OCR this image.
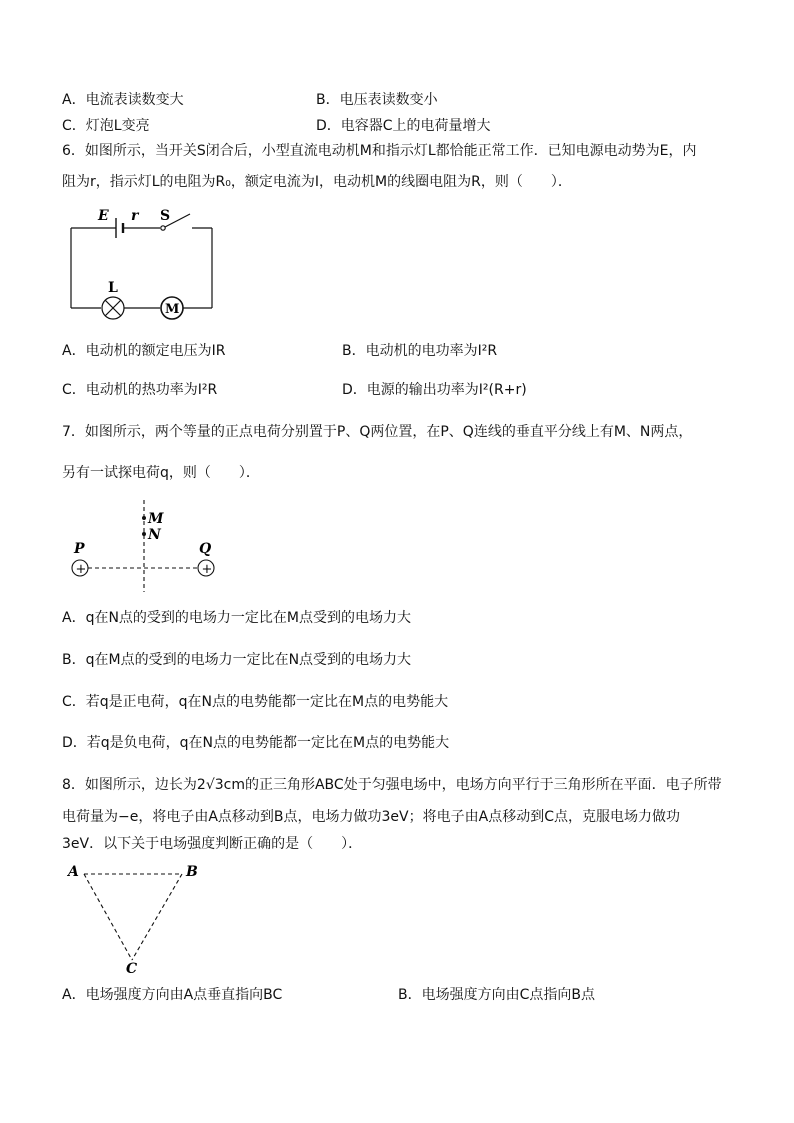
A．电流表读数变大	B．电压表读数变小
C．灯泡L变亮	D．电容器C上的电荷量增大
6．如图所示，当开关S闭合后，小型直流电动机M和指示灯L都恰能正常工作．已知电源电动势为E，内
阻为r，指示灯L的电阻为R₀，额定电流为I，电动机M的线圈电阻为R，则（　　）．
E r S
L
M
A．电动机的额定电压为IR	B．电动机的电功率为I²R
C．电动机的热功率为I²R	D．电源的输出功率为I²(R+r)
7．如图所示，两个等量的正点电荷分别置于P、Q两位置，在P、Q连线的垂直平分线上有M、N两点，
另有一试探电荷q，则（　　）．
M
N
P	Q
+	+
A．q在N点的受到的电场力一定比在M点受到的电场力大
B．q在M点的受到的电场力一定比在N点受到的电场力大
C．若q是正电荷，q在N点的电势能都一定比在M点的电势能大
D．若q是负电荷，q在N点的电势能都一定比在M点的电势能大
8．如图所示，边长为2√3cm的正三角形ABC处于匀强电场中，电场方向平行于三角形所在平面．电子所带
电荷量为−e，将电子由A点移动到B点，电场力做功3eV；将电子由A点移动到C点，克服电场力做功
3eV．以下关于电场强度判断正确的是（　　）．
A	B
C
A．电场强度方向由A点垂直指向BC	B．电场强度方向由C点指向B点
